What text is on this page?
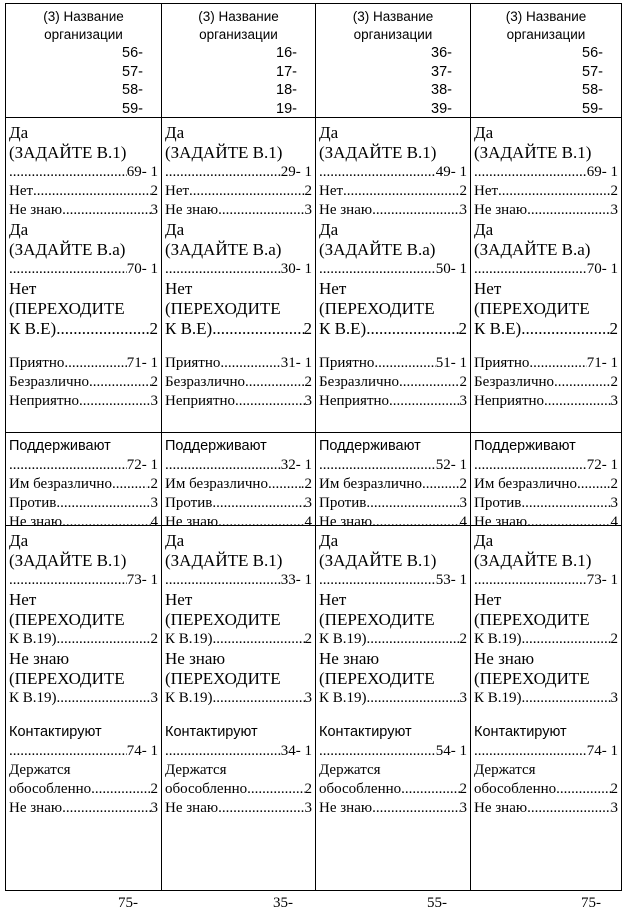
(3) Название
организации
56-
57-
58-
59-
Да
(ЗАДАЙТЕ В.1)
.....
69- 1
Нет .....	2
Не знаю .....	3
Да
(ЗАДАЙТЕ В.а)
.....
70- 1
Нет
(ПЕРЕХОДИТЕ
К В.Е) .....	2
Приятно .....	71- 1
Безразлично .....	2
Неприятно .....	3
Поддерживают
.....
72- 1
Им безразлично ..... .2
Против .....	3
Не знаю .....	4
Да
(ЗАДАЙТЕ В.1)
.....
73- 1
Нет
(ПЕРЕХОДИТЕ
К В.19) .....	2
Не знаю
(ПЕРЕХОДИТЕ
К В.19) .....	3
Контактируют
.....
74- 1
Держатся
обособленно .....	2
Не знаю .....	3
(3) Название
организации
16-
17-
18-
19-
Да
(ЗАДАЙТЕ В.1)
.....
29- 1
Нет .....	2
Не знаю .....	3
Да
(ЗАДАЙТЕ В.а)
.....
30- 1
Нет
(ПЕРЕХОДИТЕ
К В.Е) .....	2
Приятно .....	31- 1
Безразлично .....	2
Неприятно .....	3
Поддерживают
.....
32- 1
Им безразлично ..... .2
Против .....	3
Не знаю .....	4
Да
(ЗАДАЙТЕ В.1)
.....
33- 1
Нет
(ПЕРЕХОДИТЕ
К В.19) .....	2
Не знаю
(ПЕРЕХОДИТЕ
К В.19) .....	3
Контактируют
.....
34- 1
Держатся
обособленно .....	2
Не знаю .....	3
(3) Название
организации
36-
37-
38-
39-
Да
(ЗАДАЙТЕ В.1)
.....
49- 1
Нет .....	2
Не знаю .....	3
Да
(ЗАДАЙТЕ В.а)
.....
50- 1
Нет
(ПЕРЕХОДИТЕ
К В.Е) .....	2
Приятно .....	51- 1
Безразлично .....	2
Неприятно .....	3
Поддерживают
.....
52- 1
Им безразлично ..... .2
Против .....	3
Не знаю .....	4
Да
(ЗАДАЙТЕ В.1)
.....
53- 1
Нет
(ПЕРЕХОДИТЕ
К В.19) .....	2
Не знаю
(ПЕРЕХОДИТЕ
К В.19) .....	3
Контактируют
.....
54- 1
Держатся
обособленно .....	2
Не знаю .....	3
(3) Название
организации
56-
57-
58-
59-
Да
(ЗАДАЙТЕ В.1)
.....
69- 1
Нет .....	2
Не знаю .....	3
Да
(ЗАДАЙТЕ В.а)
.....
70- 1
Нет
(ПЕРЕХОДИТЕ
К В.Е) .....	2
Приятно .....	71- 1
Безразлично .....	2
Неприятно .....	3
Поддерживают
.....
72- 1
Им безразлично ..... .2
Против .....	3
Не знаю .....	4
Да
(ЗАДАЙТЕ В.1)
.....
73- 1
Нет
(ПЕРЕХОДИТЕ
К В.19) .....	2
Не знаю
(ПЕРЕХОДИТЕ
К В.19) .....	3
Контактируют
.....
74- 1
Держатся
обособленно .....	2
Не знаю .....	3
75-	35-	55-	75-
